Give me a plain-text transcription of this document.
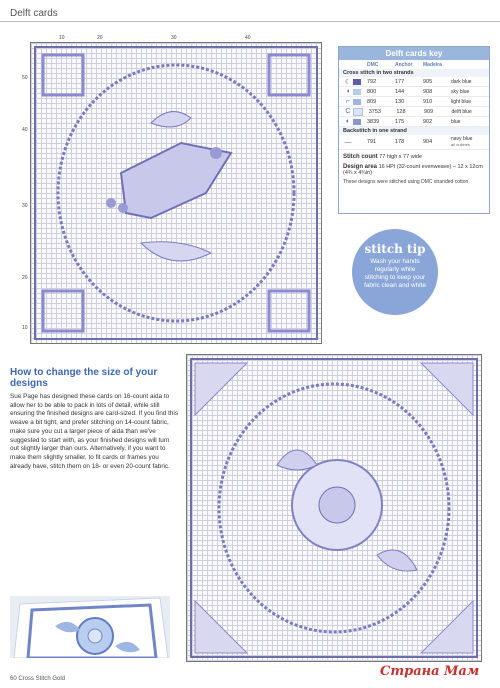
Delft cards
10	20	30	40
50
40
30
20
10
Delft cards key
DMC	Anchor	Madeira
Cross stitch in two strands
☾	792	177	905	dark blue
◖	800	144	908	sky blue
⌐	809	130	910	light blue
C	3753	128	909	delft blue
◐	3839	175	902	blue
Backstitch in one strand
—	791	178	904	navy blue
all outlines
Stitch count 77 high x 77 wide
Design area 16 HPI (32-count evenweave) – 12 x 12cm (4¾ x 4¾in)
These designs were stitched using DMC stranded cotton
stitch tip
Wash your hands regularly while stitching to keep your fabric clean and white
How to change the size of your designs
Sue Page has designed these cards on 16-count aida to allow her to be able to pack in lots of detail, while still ensuring the finished designs are card-sized. If you find this weave a bit tight, and prefer stitching on 14-count fabric, make sure you cut a larger piece of aida than we've suggested to start with, as your finished designs will turn out slightly larger than ours. Alternatively, if you want to make them slightly smaller, to fit cards or frames you already have, stitch them on 18- or even 20-count fabric.
60 Cross Stitch Gold	Страна Мам
